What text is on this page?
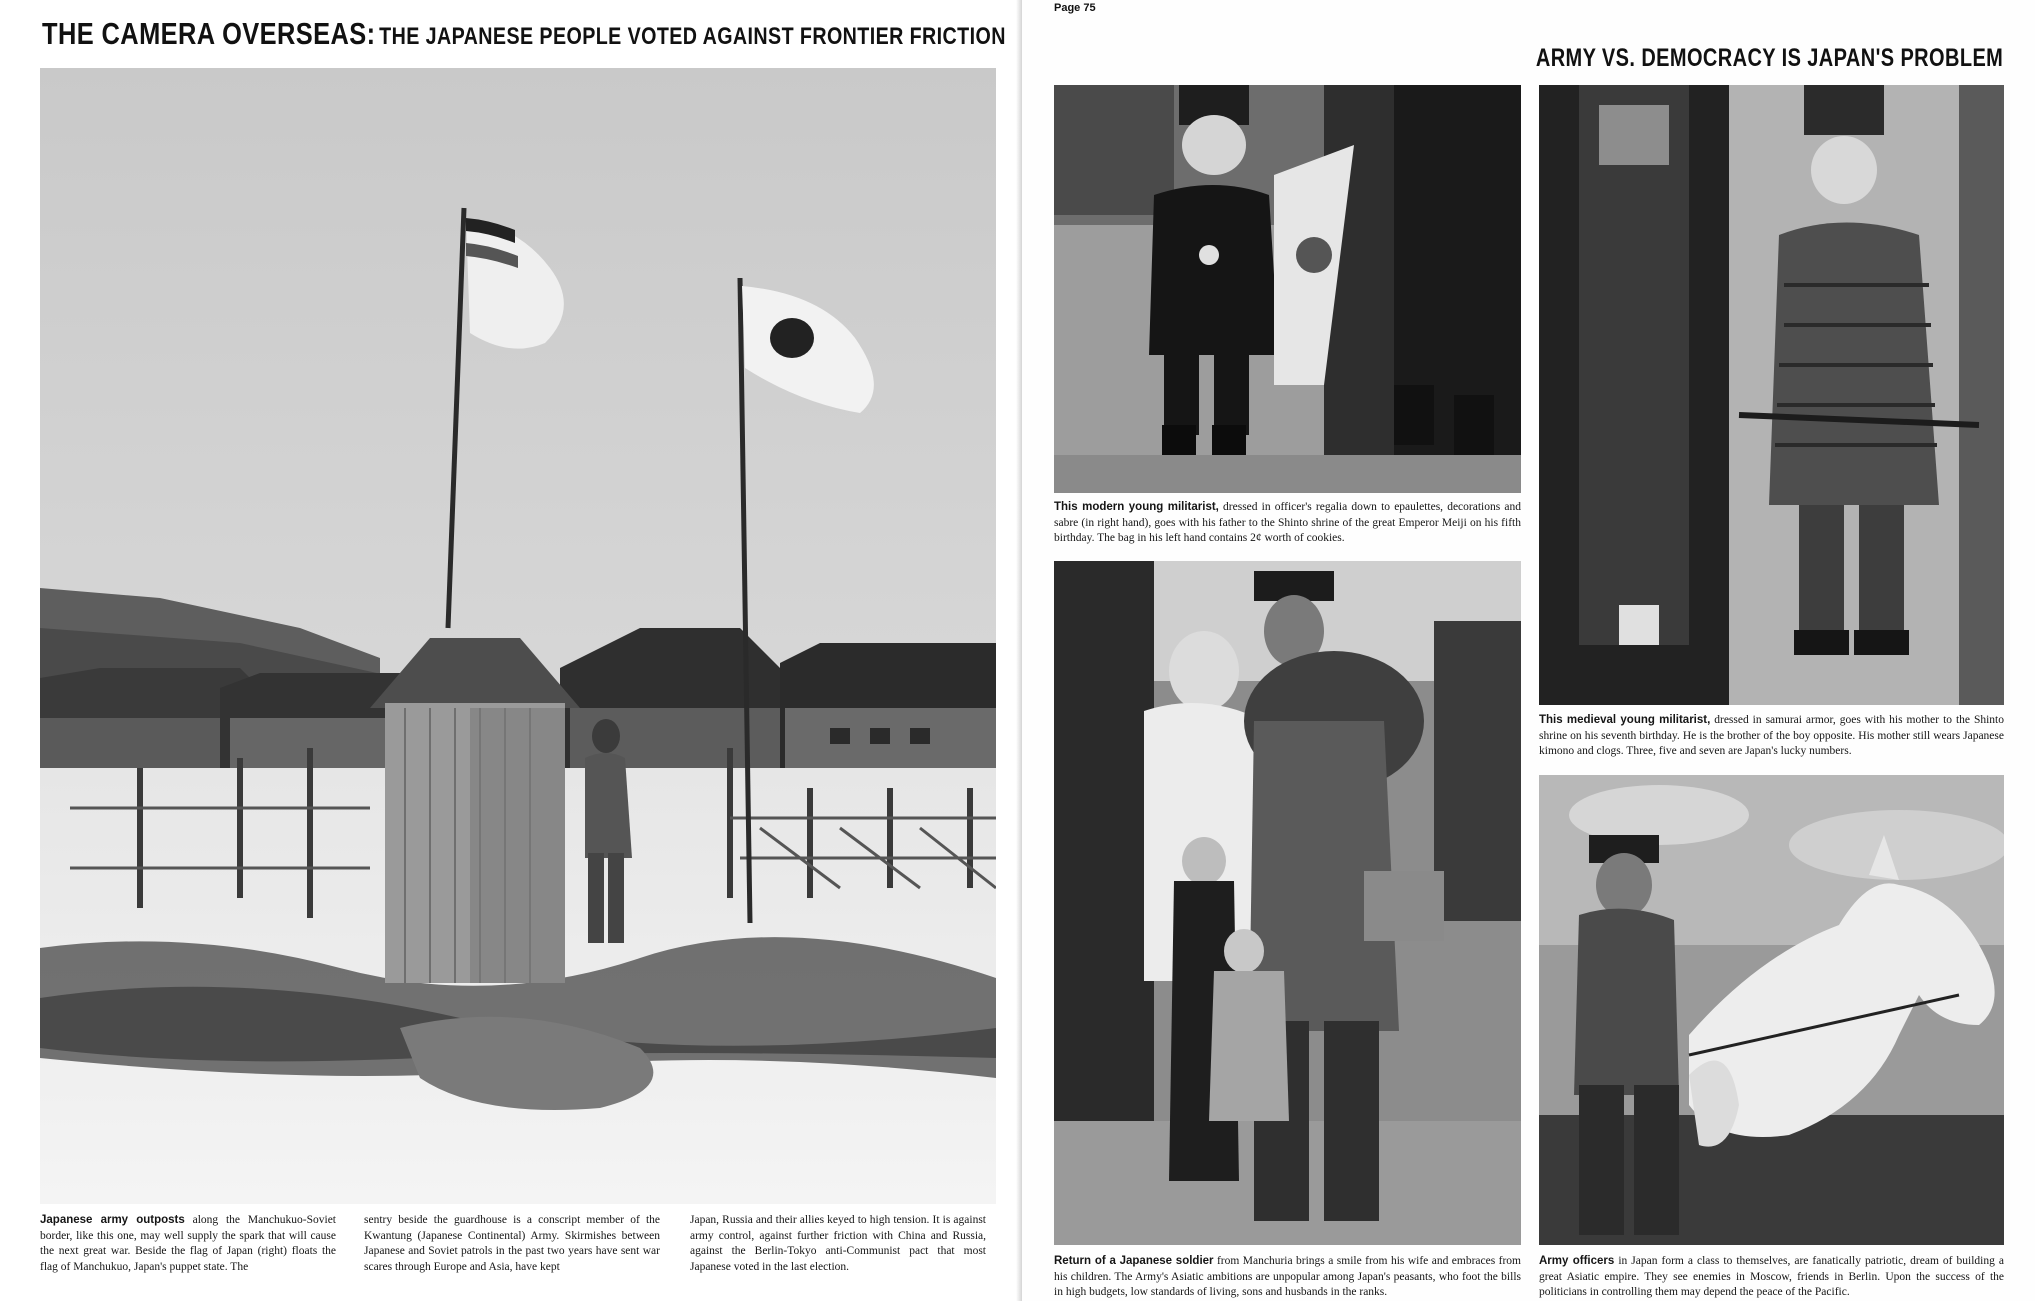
THE CAMERA OVERSEAS: THE JAPANESE PEOPLE VOTED AGAINST FRONTIER FRICTION
Japanese army outposts along the Manchukuo-Soviet border, like this one, may well supply the spark that will cause the next great war. Beside the flag of Japan (right) floats the flag of Manchukuo, Japan's puppet state. The
sentry beside the guardhouse is a conscript member of the Kwantung (Japanese Continental) Army. Skirmishes between Japanese and Soviet patrols in the past two years have sent war scares through Europe and Asia, have kept
Japan, Russia and their allies keyed to high tension. It is against army control, against further friction with China and Russia, against the Berlin-Tokyo anti-Communist pact that most Japanese voted in the last election.
Page 75
ARMY VS. DEMOCRACY IS JAPAN'S PROBLEM
This modern young militarist, dressed in officer's regalia down to epaulettes, decorations and sabre (in right hand), goes with his father to the Shinto shrine of the great Emperor Meiji on his fifth birthday. The bag in his left hand contains 2¢ worth of cookies.
This medieval young militarist, dressed in samurai armor, goes with his mother to the Shinto shrine on his seventh birthday. He is the brother of the boy opposite. His mother still wears Japanese kimono and clogs. Three, five and seven are Japan's lucky numbers.
Return of a Japanese soldier from Manchuria brings a smile from his wife and embraces from his children. The Army's Asiatic ambitions are unpopular among Japan's peasants, who foot the bills in high budgets, low standards of living, sons and husbands in the ranks.
Army officers in Japan form a class to themselves, are fanatically patriotic, dream of building a great Asiatic empire. They see enemies in Moscow, friends in Berlin. Upon the success of the politicians in controlling them may depend the peace of the Pacific.
